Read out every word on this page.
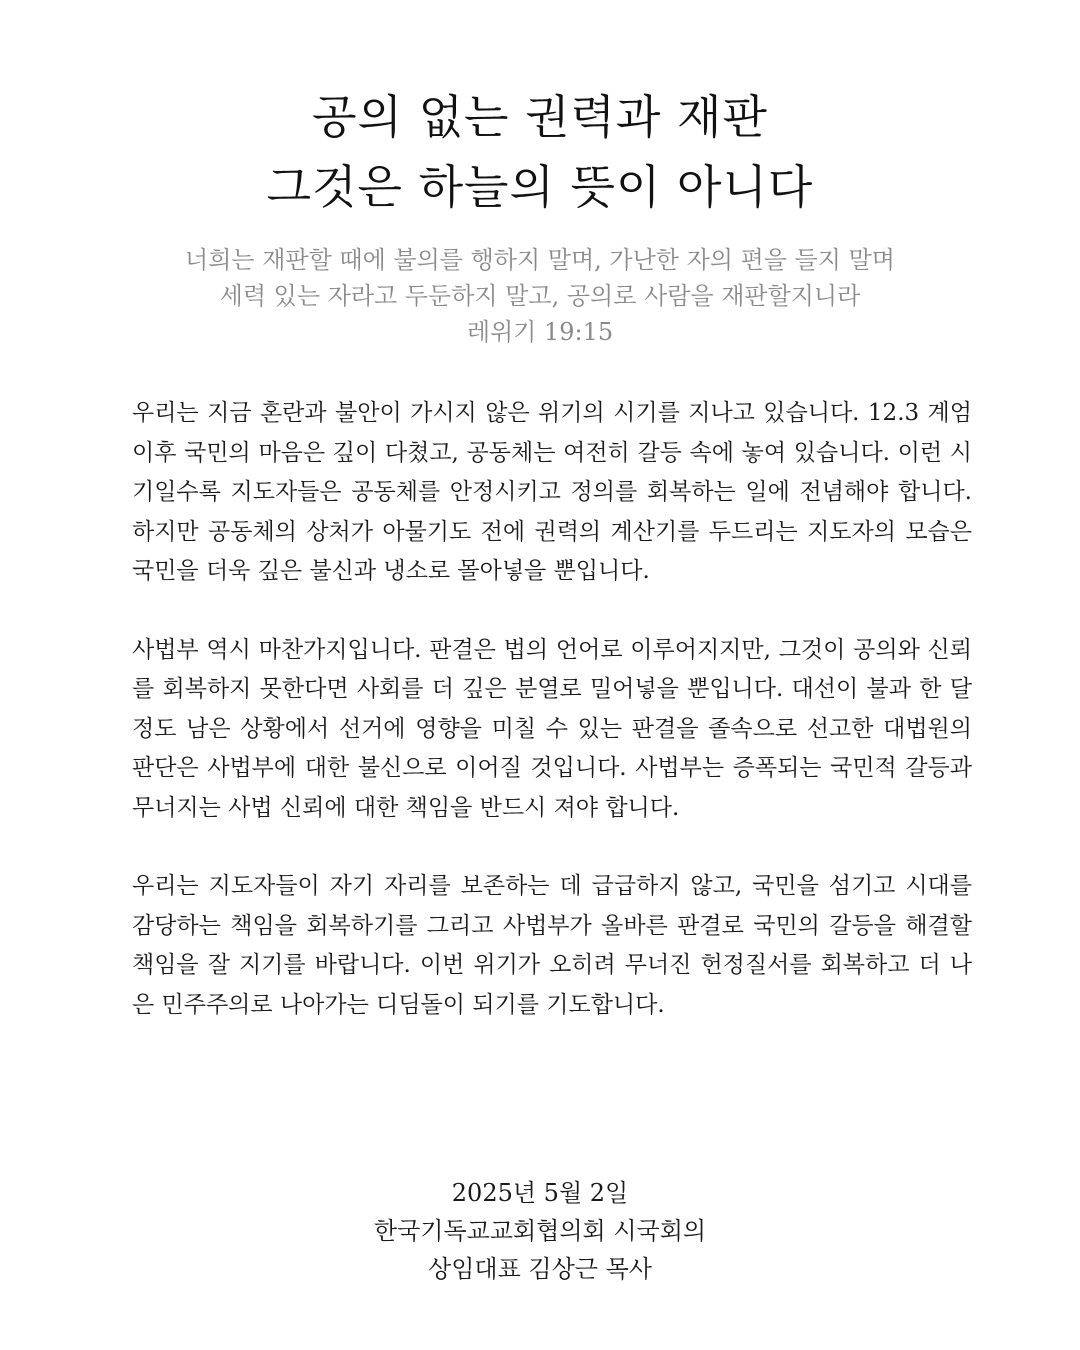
공의 없는 권력과 재판
그것은 하늘의 뜻이 아니다
너희는 재판할 때에 불의를 행하지 말며, 가난한 자의 편을 들지 말며
세력 있는 자라고 두둔하지 말고, 공의로 사람을 재판할지니라
레위기 19:15

우리는 지금 혼란과 불안이 가시지 않은 위기의 시기를 지나고 있습니다. 12.3 계엄 이후 국민의 마음은 깊이 다쳤고, 공동체는 여전히 갈등 속에 놓여 있습니다. 이런 시기일수록 지도자들은 공동체를 안정시키고 정의를 회복하는 일에 전념해야 합니다. 하지만 공동체의 상처가 아물기도 전에 권력의 계산기를 두드리는 지도자의 모습은 국민을 더욱 깊은 불신과 냉소로 몰아넣을 뿐입니다.

사법부 역시 마찬가지입니다. 판결은 법의 언어로 이루어지지만, 그것이 공의와 신뢰를 회복하지 못한다면 사회를 더 깊은 분열로 밀어넣을 뿐입니다. 대선이 불과 한 달 정도 남은 상황에서 선거에 영향을 미칠 수 있는 판결을 졸속으로 선고한 대법원의 판단은 사법부에 대한 불신으로 이어질 것입니다. 사법부는 증폭되는 국민적 갈등과 무너지는 사법 신뢰에 대한 책임을 반드시 져야 합니다.

우리는 지도자들이 자기 자리를 보존하는 데 급급하지 않고, 국민을 섬기고 시대를 감당하는 책임을 회복하기를 그리고 사법부가 올바른 판결로 국민의 갈등을 해결할 책임을 잘 지기를 바랍니다. 이번 위기가 오히려 무너진 헌정질서를 회복하고 더 나은 민주주의로 나아가는 디딤돌이 되기를 기도합니다.

2025년 5월 2일
한국기독교교회협의회 시국회의
상임대표 김상근 목사
